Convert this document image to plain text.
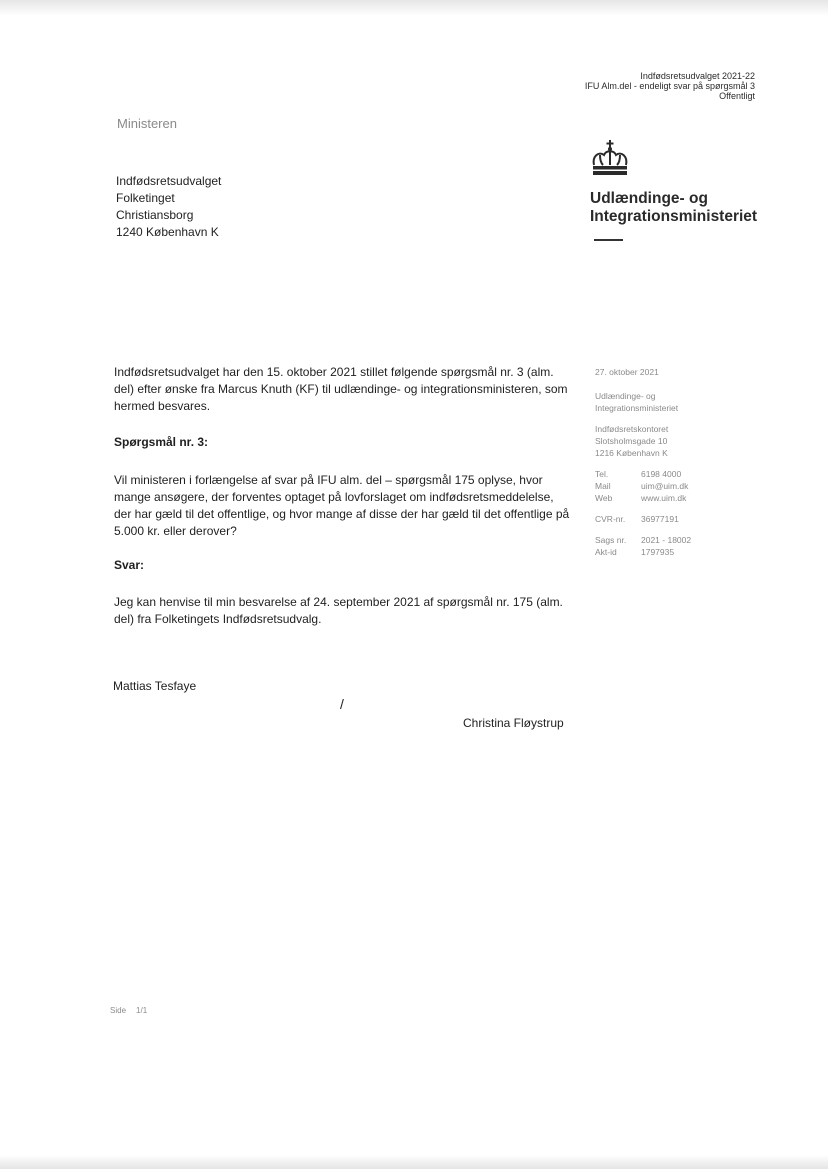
Indfødsretsudvalget 2021-22
IFU Alm.del - endeligt svar på spørgsmål 3
Offentligt
Ministeren
Indfødsretsudvalget
Folketinget
Christiansborg
1240 København K
Udlændinge- og
Integrationsministeriet
Indfødsretsudvalget har den 15. oktober 2021 stillet følgende spørgsmål nr. 3 (alm. del) efter ønske fra Marcus Knuth (KF) til udlændinge- og integrationsministeren, som hermed besvares.
Spørgsmål nr. 3:
Vil ministeren i forlængelse af svar på IFU alm. del – spørgsmål 175 oplyse, hvor mange ansøgere, der forventes optaget på lovforslaget om indfødsretsmeddelelse, der har gæld til det offentlige, og hvor mange af disse der har gæld til det offentlige på 5.000 kr. eller derover?
Svar:
Jeg kan henvise til min besvarelse af 24. september 2021 af spørgsmål nr. 175 (alm. del) fra Folketingets Indfødsretsudvalg.
Mattias Tesfaye
/
Christina Fløystrup
27. oktober 2021
Udlændinge- og
Integrationsministeriet
Indfødsretskontoret
Slotsholmsgade 10
1216 København K
Tel.	6198 4000
Mail	uim@uim.dk
Web	www.uim.dk
CVR-nr.	36977191
Sags nr.	2021 - 18002
Akt-id	1797935
Side 1/1
